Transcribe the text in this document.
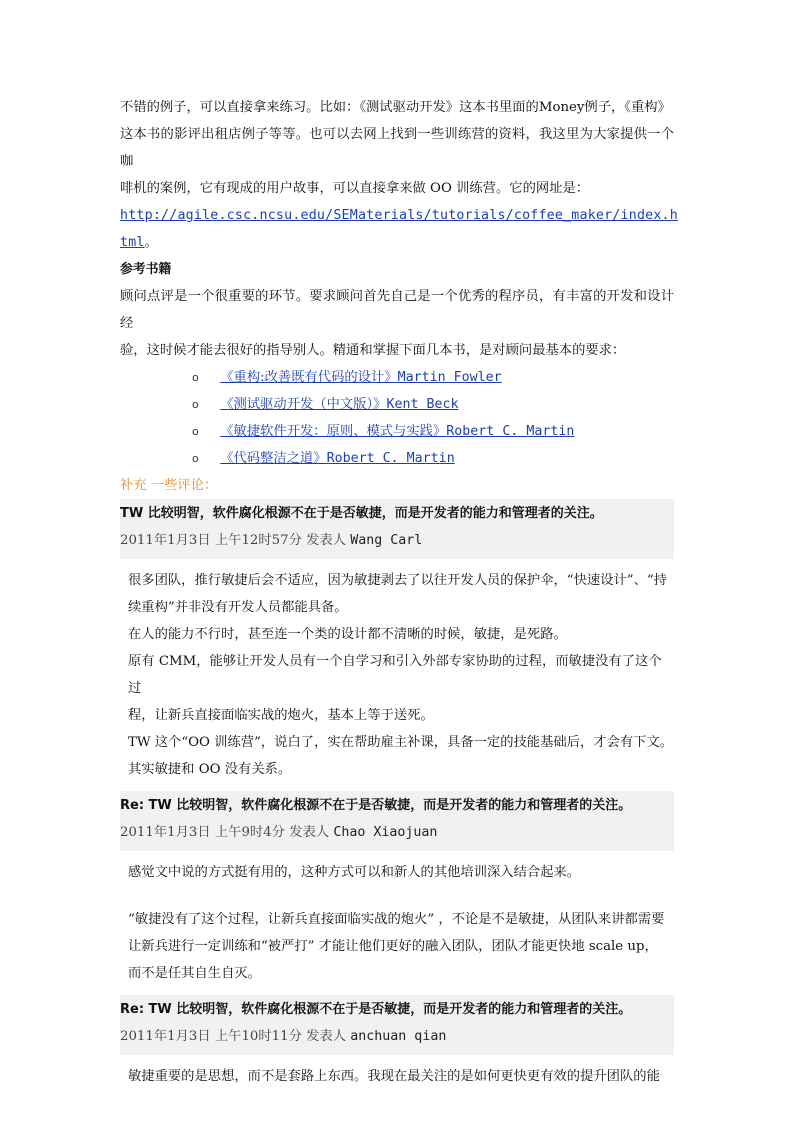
不错的例子，可以直接拿来练习。比如：《测试驱动开发》这本书里面的Money例子，《重构》

这本书的影评出租店例子等等。也可以去网上找到一些训练营的资料，我这里为大家提供一个咖

啡机的案例，它有现成的用户故事，可以直接拿来做 OO 训练营。它的网址是：

http://agile.csc.ncsu.edu/SEMaterials/tutorials/coffee_maker/index.h

tml。

参考书籍

顾问点评是一个很重要的环节。要求顾问首先自己是一个优秀的程序员，有丰富的开发和设计经

验，这时候才能去很好的指导别人。精通和掌握下面几本书，是对顾问最基本的要求：

o 《重构:改善既有代码的设计》Martin Fowler
o 《测试驱动开发（中文版）》Kent Beck
o 《敏捷软件开发：原则、模式与实践》Robert C. Martin
o 《代码整洁之道》Robert C. Martin

补充 一些评论：

TW 比较明智，软件腐化根源不在于是否敏捷，而是开发者的能力和管理者的关注。
2011年1月3日 上午12时57分 发表人 Wang Carl

很多团队，推行敏捷后会不适应，因为敏捷剥去了以往开发人员的保护伞，“快速设计”、“持

续重构”并非没有开发人员都能具备。

在人的能力不行时，甚至连一个类的设计都不清晰的时候，敏捷，是死路。

原有 CMM，能够让开发人员有一个自学习和引入外部专家协助的过程，而敏捷没有了这个过

程，让新兵直接面临实战的炮火，基本上等于送死。

TW 这个“OO 训练营”，说白了，实在帮助雇主补课，具备一定的技能基础后，才会有下文。

其实敏捷和 OO 没有关系。

Re: TW 比较明智，软件腐化根源不在于是否敏捷，而是开发者的能力和管理者的关注。
2011年1月3日 上午9时4分 发表人 Chao Xiaojuan

感觉文中说的方式挺有用的，这种方式可以和新人的其他培训深入结合起来。

“敏捷没有了这个过程，让新兵直接面临实战的炮火” ，不论是不是敏捷，从团队来讲都需要

让新兵进行一定训练和“被严打” 才能让他们更好的融入团队，团队才能更快地 scale up，

而不是任其自生自灭。

Re: TW 比较明智，软件腐化根源不在于是否敏捷，而是开发者的能力和管理者的关注。
2011年1月3日 上午10时11分 发表人 anchuan qian

敏捷重要的是思想，而不是套路上东西。我现在最关注的是如何更快更有效的提升团队的能
